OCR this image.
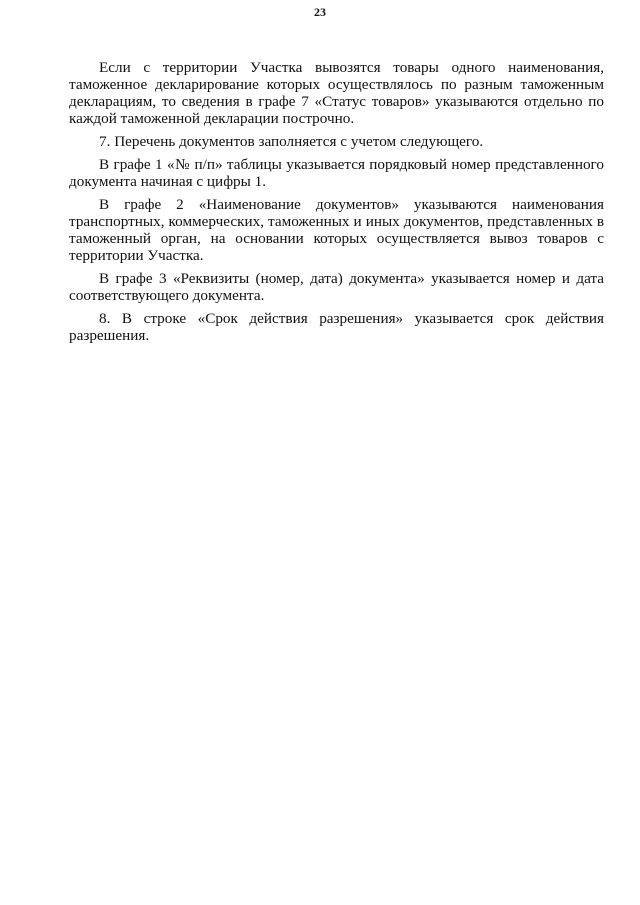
23

Если с территории Участка вывозятся товары одного наименования, таможенное декларирование которых осуществлялось по разным таможенным декларациям, то сведения в графе 7 «Статус товаров» указываются отдельно по каждой таможенной декларации построчно.

7. Перечень документов заполняется с учетом следующего.

В графе 1 «№ п/п» таблицы указывается порядковый номер представленного документа начиная с цифры 1.

В графе 2 «Наименование документов» указываются наименования транспортных, коммерческих, таможенных и иных документов, представленных в таможенный орган, на основании которых осуществляется вывоз товаров с территории Участка.

В графе 3 «Реквизиты (номер, дата) документа» указывается номер и дата соответствующего документа.

8. В строке «Срок действия разрешения» указывается срок действия разрешения.
